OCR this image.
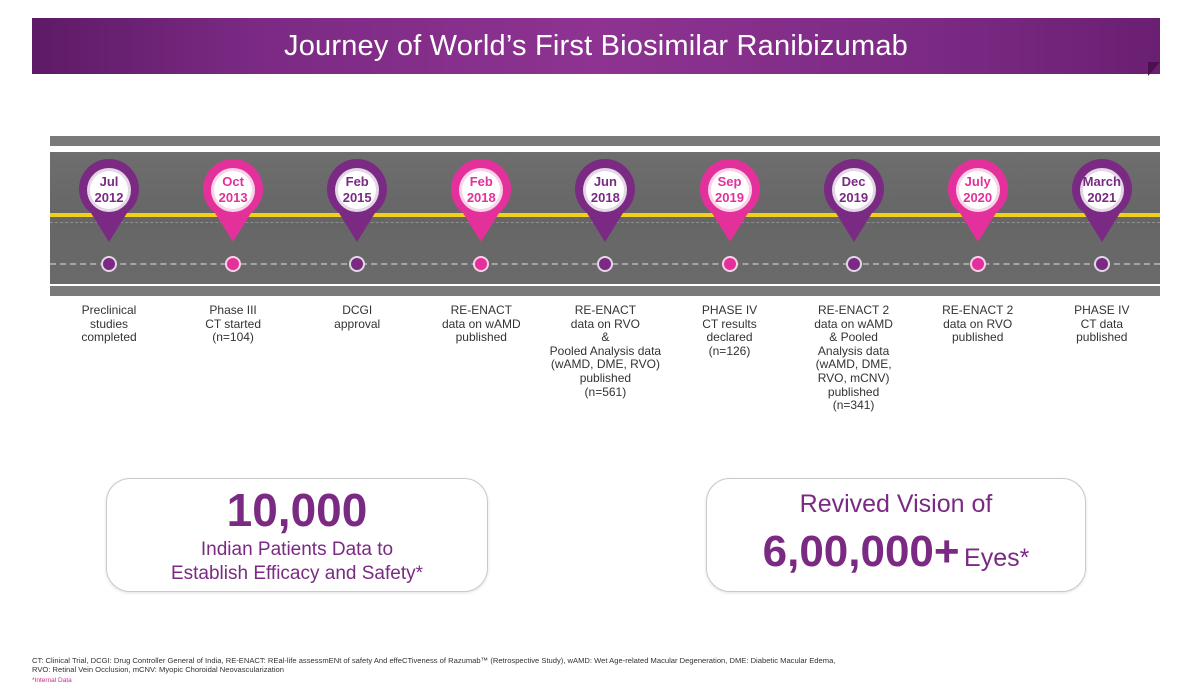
Journey of World’s First Biosimilar Ranibizumab
Jul
2012
Preclinical
studies
completed
Oct
2013
Phase III
CT started
(n=104)
Feb
2015
DCGI
approval
Feb
2018
RE-ENACT
data on wAMD
published
Jun
2018
RE-ENACT
data on RVO
&
Pooled Analysis data
(wAMD, DME, RVO)
published
(n=561)
Sep
2019
PHASE IV
CT results
declared
(n=126)
Dec
2019
RE-ENACT 2
data on wAMD
& Pooled
Analysis data
(wAMD, DME,
RVO, mCNV)
published
(n=341)
July
2020
RE-ENACT 2
data on RVO
published
March
2021
PHASE IV
CT data
published
10,000
Indian Patients Data to
Establish Efficacy and Safety*
Revived Vision of
6,00,000+ Eyes*
CT: Clinical Trial, DCGI: Drug Controller General of India, RE-ENACT: REal-life assessmENt of safety And effeCTiveness of Razumab™ (Retrospective Study), wAMD: Wet Age-related Macular Degeneration, DME: Diabetic Macular Edema,
RVO: Retinal Vein Occlusion, mCNV: Myopic Choroidal Neovascularization
*Internal Data
